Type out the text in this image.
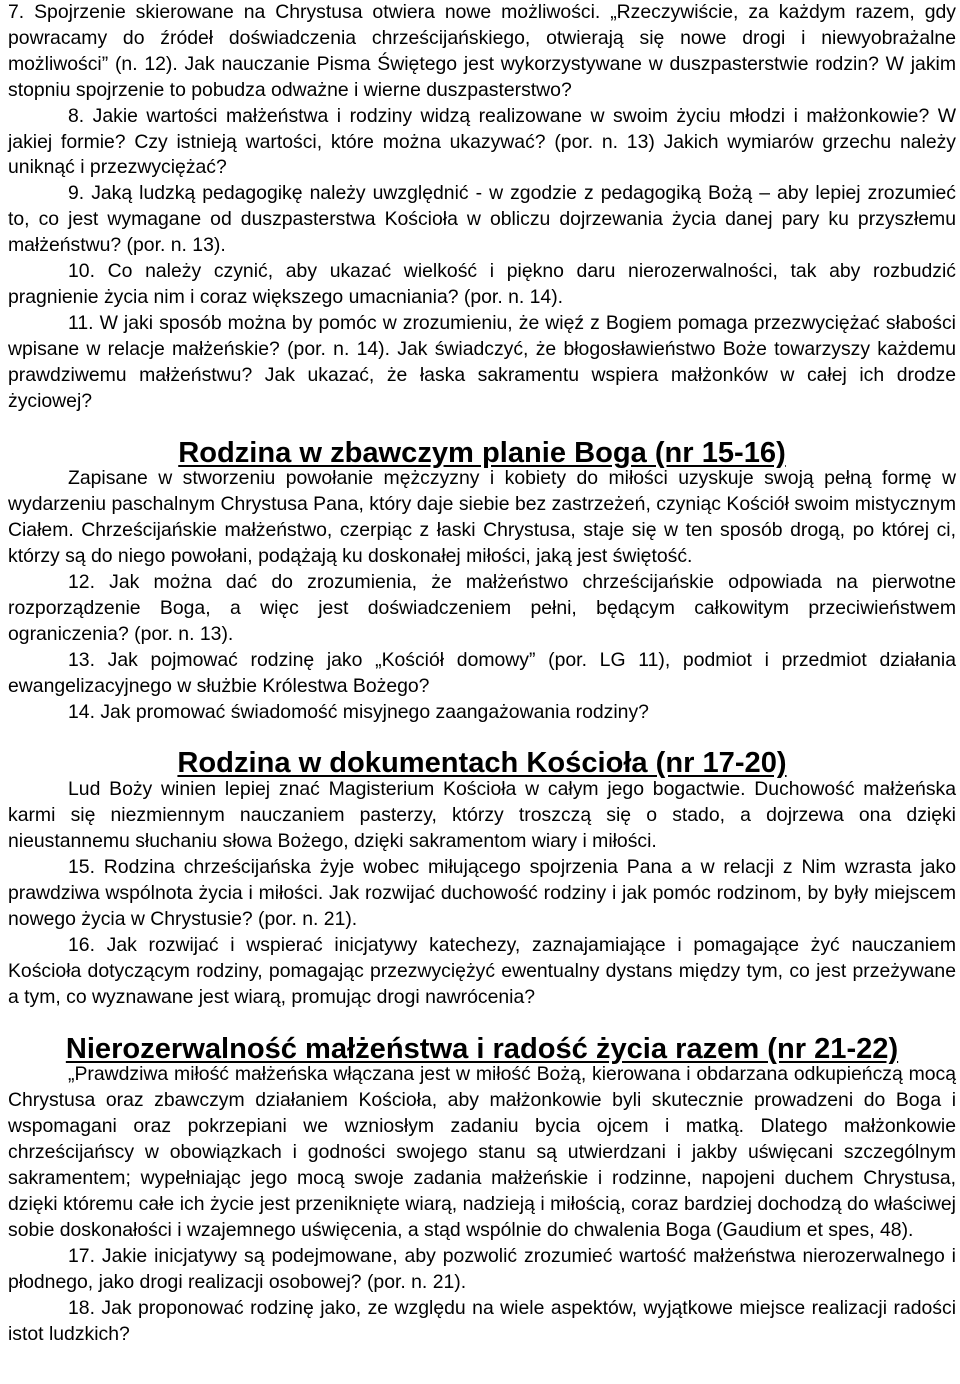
7. Spojrzenie skierowane na Chrystusa otwiera nowe możliwości. „Rzeczywiście, za każdym razem, gdy powracamy do źródeł doświadczenia chrześcijańskiego, otwierają się nowe drogi i niewyobrażalne możliwości” (n. 12). Jak nauczanie Pisma Świętego jest wykorzystywane w duszpasterstwie rodzin? W jakim stopniu spojrzenie to pobudza odważne i wierne duszpasterstwo?

8. Jakie wartości małżeństwa i rodziny widzą realizowane w swoim życiu młodzi i małżonkowie? W jakiej formie? Czy istnieją wartości, które można ukazywać? (por. n. 13) Jakich wymiarów grzechu należy uniknąć i przezwyciężać?

9. Jaką ludzką pedagogikę należy uwzględnić - w zgodzie z pedagogiką Bożą – aby lepiej zrozumieć to, co jest wymagane od duszpasterstwa Kościoła w obliczu dojrzewania życia danej pary ku przyszłemu małżeństwu? (por. n. 13).

10. Co należy czynić, aby ukazać wielkość i piękno daru nierozerwalności, tak aby rozbudzić pragnienie życia nim i coraz większego umacniania? (por. n. 14).

11. W jaki sposób można by pomóc w zrozumieniu, że więź z Bogiem pomaga przezwyciężać słabości wpisane w relacje małżeńskie? (por. n. 14). Jak świadczyć, że błogosławieństwo Boże towarzyszy każdemu prawdziwemu małżeństwu? Jak ukazać, że łaska sakramentu wspiera małżonków w całej ich drodze życiowej?

Rodzina w zbawczym planie Boga (nr 15-16)

Zapisane w stworzeniu powołanie mężczyzny i kobiety do miłości uzyskuje swoją pełną formę w wydarzeniu paschalnym Chrystusa Pana, który daje siebie bez zastrzeżeń, czyniąc Kościół swoim mistycznym Ciałem. Chrześcijańskie małżeństwo, czerpiąc z łaski Chrystusa, staje się w ten sposób drogą, po której ci, którzy są do niego powołani, podążają ku doskonałej miłości, jaką jest świętość.

12. Jak można dać do zrozumienia, że małżeństwo chrześcijańskie odpowiada na pierwotne rozporządzenie Boga, a więc jest doświadczeniem pełni, będącym całkowitym przeciwieństwem ograniczenia? (por. n. 13).

13. Jak pojmować rodzinę jako „Kościół domowy” (por. LG 11), podmiot i przedmiot działania ewangelizacyjnego w służbie Królestwa Bożego?

14. Jak promować świadomość misyjnego zaangażowania rodziny?

Rodzina w dokumentach Kościoła (nr 17-20)

Lud Boży winien lepiej znać Magisterium Kościoła w całym jego bogactwie. Duchowość małżeńska karmi się niezmiennym nauczaniem pasterzy, którzy troszczą się o stado, a dojrzewa ona dzięki nieustannemu słuchaniu słowa Bożego, dzięki sakramentom wiary i miłości.

15. Rodzina chrześcijańska żyje wobec miłującego spojrzenia Pana a w relacji z Nim wzrasta jako prawdziwa wspólnota życia i miłości. Jak rozwijać duchowość rodziny i jak pomóc rodzinom, by były miejscem nowego życia w Chrystusie? (por. n. 21).

16. Jak rozwijać i wspierać inicjatywy katechezy, zaznajamiające i pomagające żyć nauczaniem Kościoła dotyczącym rodziny, pomagając przezwyciężyć ewentualny dystans między tym, co jest przeżywane a tym, co wyznawane jest wiarą, promując drogi nawrócenia?

Nierozerwalność małżeństwa i radość życia razem (nr 21-22)

„Prawdziwa miłość małżeńska włączana jest w miłość Bożą, kierowana i obdarzana odkupieńczą mocą Chrystusa oraz zbawczym działaniem Kościoła, aby małżonkowie byli skutecznie prowadzeni do Boga i wspomagani oraz pokrzepiani we wzniosłym zadaniu bycia ojcem i matką. Dlatego małżonkowie chrześcijańscy w obowiązkach i godności swojego stanu są utwierdzani i jakby uświęcani szczególnym sakramentem; wypełniając jego mocą swoje zadania małżeńskie i rodzinne, napojeni duchem Chrystusa, dzięki któremu całe ich życie jest przeniknięte wiarą, nadzieją i miłością, coraz bardziej dochodzą do właściwej sobie doskonałości i wzajemnego uświęcenia, a stąd wspólnie do chwalenia Boga (Gaudium et spes, 48).

17. Jakie inicjatywy są podejmowane, aby pozwolić zrozumieć wartość małżeństwa nierozerwalnego i płodnego, jako drogi realizacji osobowej? (por. n. 21).

18. Jak proponować rodzinę jako, ze względu na wiele aspektów, wyjątkowe miejsce realizacji radości istot ludzkich?
